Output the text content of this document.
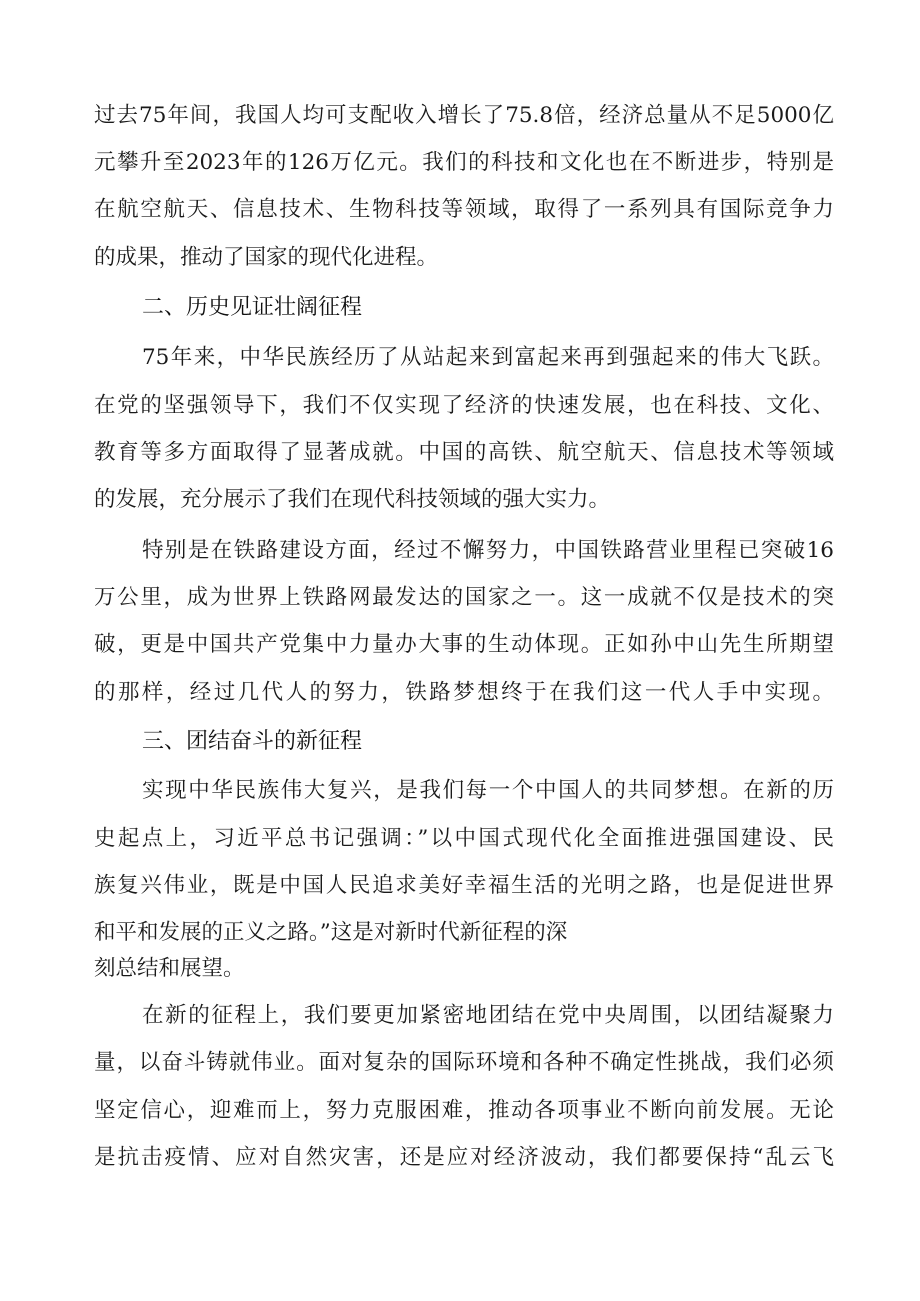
过去75年间，我国人均可支配收入增长了75.8倍，经济总量从不足5000亿
元攀升至2023年的126万亿元。我们的科技和文化也在不断进步，特别是
在航空航天、信息技术、生物科技等领域，取得了一系列具有国际竞争力
的成果，推动了国家的现代化进程。
二、历史见证壮阔征程
75年来，中华民族经历了从站起来到富起来再到强起来的伟大飞跃。
在党的坚强领导下，我们不仅实现了经济的快速发展，也在科技、文化、
教育等多方面取得了显著成就。中国的高铁、航空航天、信息技术等领域
的发展，充分展示了我们在现代科技领域的强大实力。
特别是在铁路建设方面，经过不懈努力，中国铁路营业里程已突破16
万公里，成为世界上铁路网最发达的国家之一。这一成就不仅是技术的突
破，更是中国共产党集中力量办大事的生动体现。正如孙中山先生所期望
的那样，经过几代人的努力，铁路梦想终于在我们这一代人手中实现。
三、团结奋斗的新征程
实现中华民族伟大复兴，是我们每一个中国人的共同梦想。在新的历
史起点上，习近平总书记强调：”以中国式现代化全面推进强国建设、民
族复兴伟业，既是中国人民追求美好幸福生活的光明之路，也是促进世界
和平和发展的正义之路。”这是对新时代新征程的深
刻总结和展望。
在新的征程上，我们要更加紧密地团结在党中央周围，以团结凝聚力
量，以奋斗铸就伟业。面对复杂的国际环境和各种不确定性挑战，我们必须
坚定信心，迎难而上，努力克服困难，推动各项事业不断向前发展。无论
是抗击疫情、应对自然灾害，还是应对经济波动，我们都要保持“乱云飞
